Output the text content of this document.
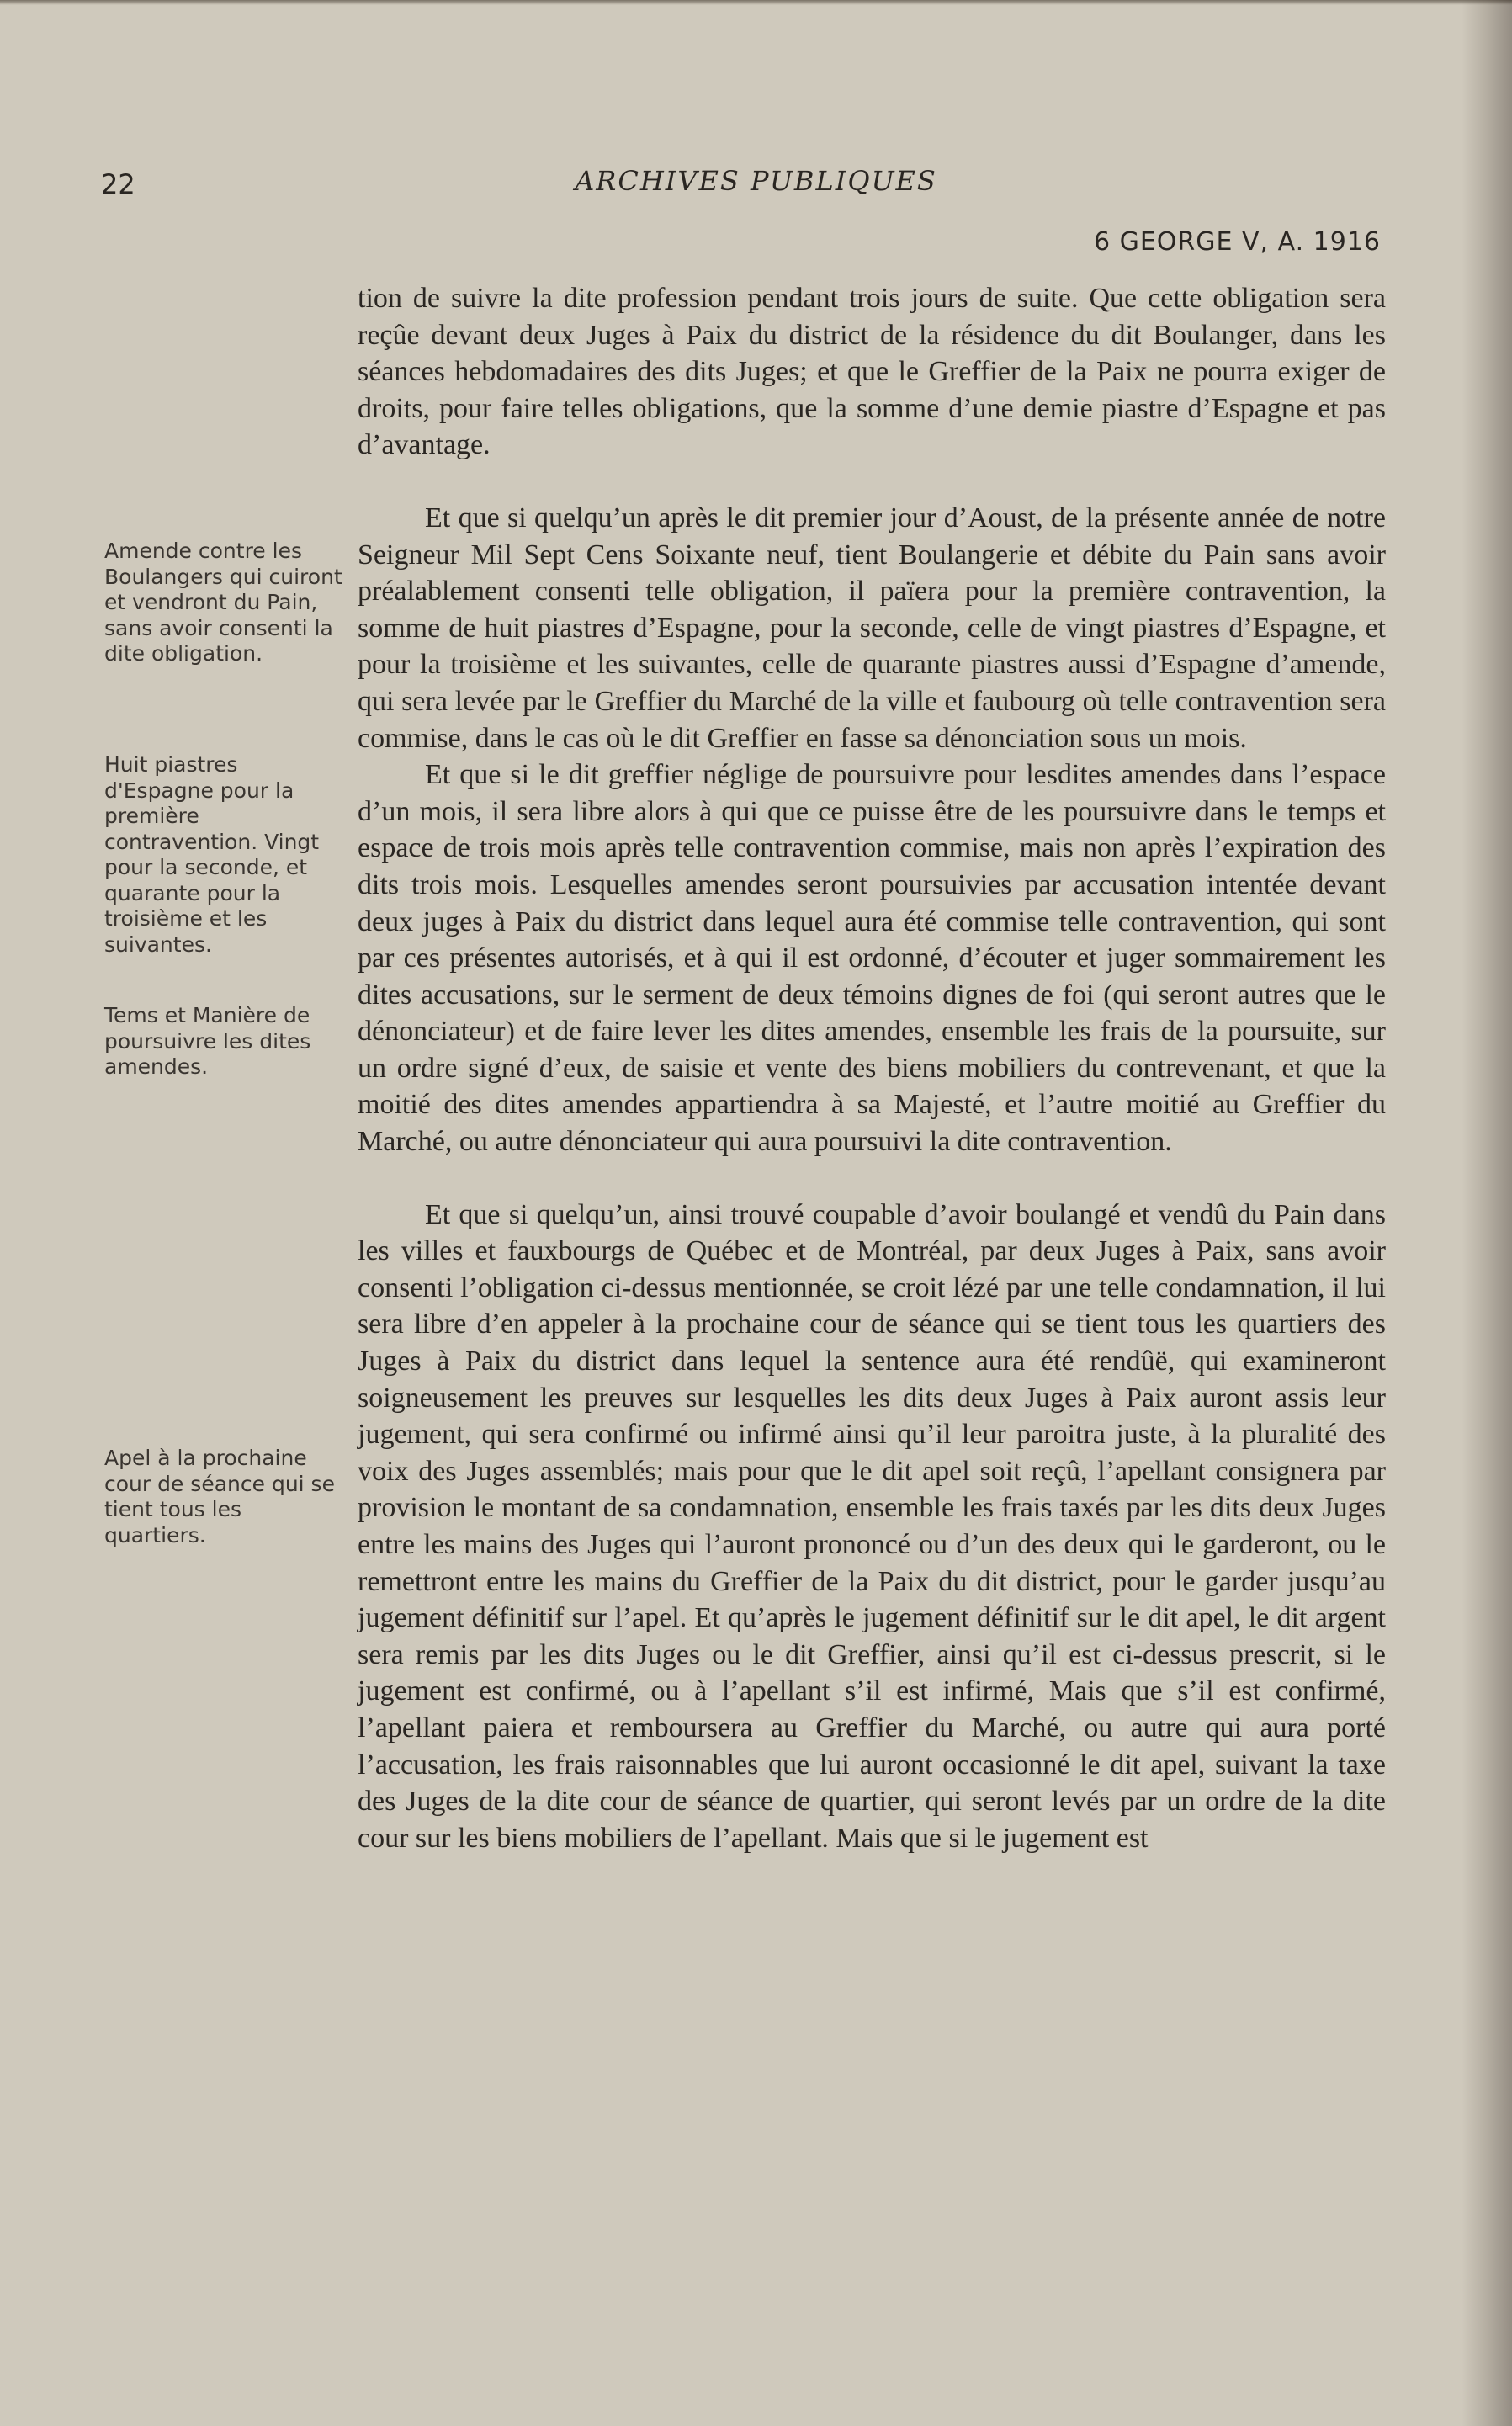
22	ARCHIVES PUBLIQUES
6 GEORGE V, A. 1916

Amende contre les Boulangers qui cuiront et vendront du Pain, sans avoir consenti la dite obligation.

Huit piastres d'Espagne pour la première contravention. Vingt pour la seconde, et quarante pour la troisième et les suivantes.

Tems et Manière de poursuivre les dites amendes.

Apel à la prochaine cour de séance qui se tient tous les quartiers.

tion de suivre la dite profession pendant trois jours de suite. Que cette obligation sera reçûe devant deux Juges à Paix du district de la résidence du dit Boulanger, dans les séances hebdomadaires des dits Juges; et que le Greffier de la Paix ne pourra exiger de droits, pour faire telles obligations, que la somme d’une demie piastre d’Espagne et pas d’avantage.

Et que si quelqu’un après le dit premier jour d’Aoust, de la présente année de notre Seigneur Mil Sept Cens Soixante neuf, tient Boulangerie et débite du Pain sans avoir préalablement consenti telle obligation, il païera pour la première contravention, la somme de huit piastres d’Espagne, pour la seconde, celle de vingt piastres d’Espagne, et pour la troisième et les suivantes, celle de quarante piastres aussi d’Espagne d’amende, qui sera levée par le Greffier du Marché de la ville et faubourg où telle contravention sera commise, dans le cas où le dit Greffier en fasse sa dénonciation sous un mois.

Et que si le dit greffier néglige de poursuivre pour lesdites amendes dans l’espace d’un mois, il sera libre alors à qui que ce puisse être de les poursuivre dans le temps et espace de trois mois après telle contravention commise, mais non après l’expiration des dits trois mois. Lesquelles amendes seront poursuivies par accusation intentée devant deux juges à Paix du district dans lequel aura été commise telle contravention, qui sont par ces présentes autorisés, et à qui il est ordonné, d’écouter et juger sommairement les dites accusations, sur le serment de deux témoins dignes de foi (qui seront autres que le dénonciateur) et de faire lever les dites amendes, ensemble les frais de la poursuite, sur un ordre signé d’eux, de saisie et vente des biens mobiliers du contrevenant, et que la moitié des dites amendes appartiendra à sa Majesté, et l’autre moitié au Greffier du Marché, ou autre dénonciateur qui aura poursuivi la dite contravention.

Et que si quelqu’un, ainsi trouvé coupable d’avoir boulangé et vendû du Pain dans les villes et fauxbourgs de Québec et de Montréal, par deux Juges à Paix, sans avoir consenti l’obligation ci-dessus mentionnée, se croit lézé par une telle condamnation, il lui sera libre d’en appeler à la prochaine cour de séance qui se tient tous les quartiers des Juges à Paix du district dans lequel la sentence aura été rendûë, qui examineront soigneusement les preuves sur lesquelles les dits deux Juges à Paix auront assis leur jugement, qui sera confirmé ou infirmé ainsi qu’il leur paroitra juste, à la pluralité des voix des Juges assemblés; mais pour que le dit apel soit reçû, l’apellant consignera par provision le montant de sa condamnation, ensemble les frais taxés par les dits deux Juges entre les mains des Juges qui l’auront prononcé ou d’un des deux qui le garderont, ou le remettront entre les mains du Greffier de la Paix du dit district, pour le garder jusqu’au jugement définitif sur l’apel. Et qu’après le jugement définitif sur le dit apel, le dit argent sera remis par les dits Juges ou le dit Greffier, ainsi qu’il est ci-dessus prescrit, si le jugement est confirmé, ou à l’apellant s’il est infirmé, Mais que s’il est confirmé, l’apellant paiera et remboursera au Greffier du Marché, ou autre qui aura porté l’accusation, les frais raisonnables que lui auront occasionné le dit apel, suivant la taxe des Juges de la dite cour de séance de quartier, qui seront levés par un ordre de la dite cour sur les biens mobiliers de l’apellant. Mais que si le jugement est
